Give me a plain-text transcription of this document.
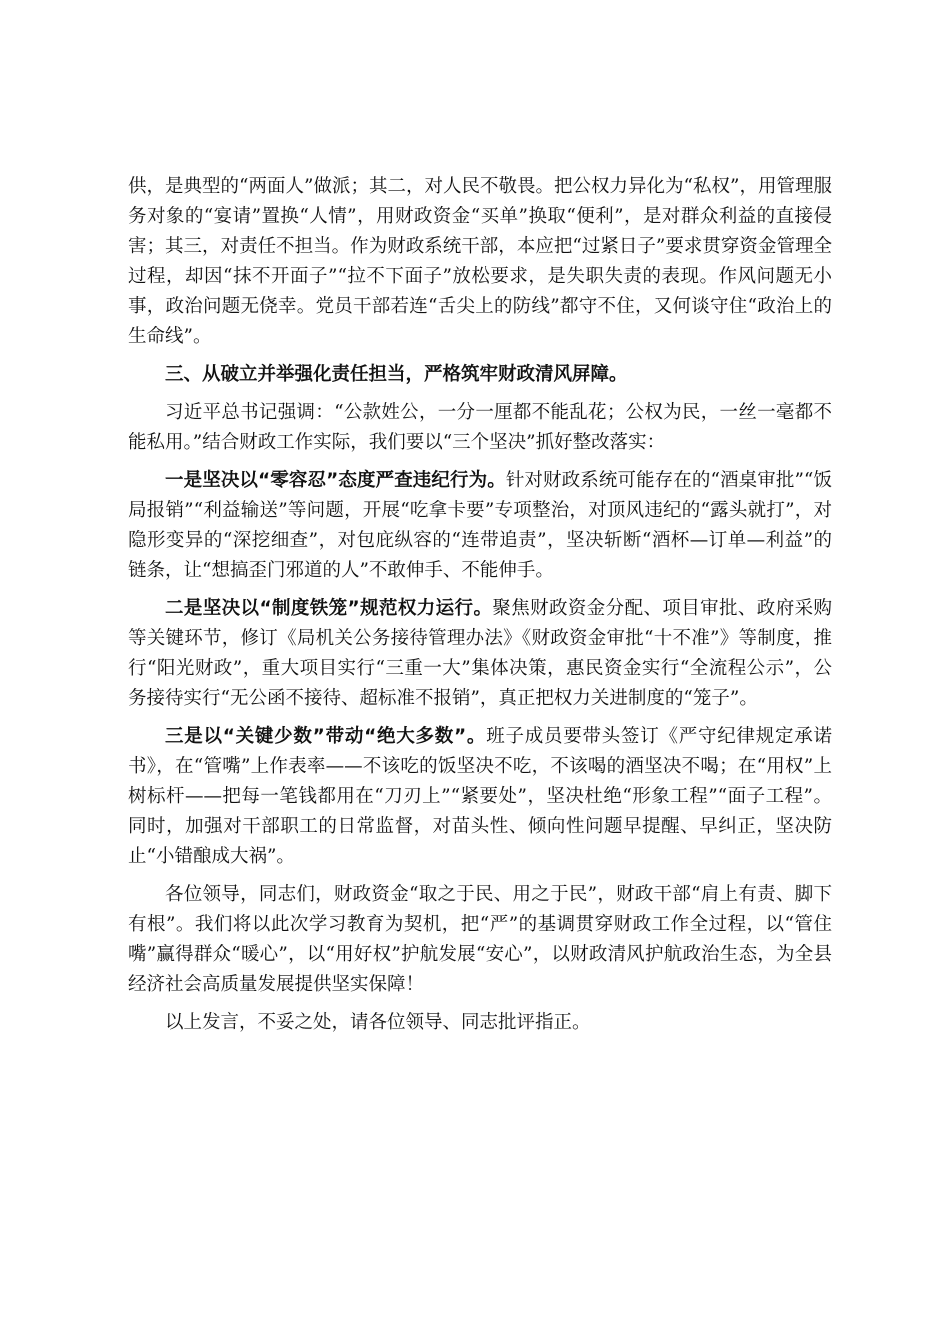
供，是典型的“两面人”做派；其二，对人民不敬畏。把公权力异化为“私权”，用管理服务对象的“宴请”置换“人情”，用财政资金“买单”换取“便利”，是对群众利益的直接侵害；其三，对责任不担当。作为财政系统干部，本应把“过紧日子”要求贯穿资金管理全过程，却因“抹不开面子”“拉不下面子”放松要求，是失职失责的表现。作风问题无小事，政治问题无侥幸。党员干部若连“舌尖上的防线”都守不住，又何谈守住“政治上的生命线”。

三、从破立并举强化责任担当，严格筑牢财政清风屏障。

习近平总书记强调：“公款姓公，一分一厘都不能乱花；公权为民，一丝一毫都不能私用。”结合财政工作实际，我们要以“三个坚决”抓好整改落实：

一是坚决以“零容忍”态度严查违纪行为。针对财政系统可能存在的“酒桌审批”“饭局报销”“利益输送”等问题，开展“吃拿卡要”专项整治，对顶风违纪的“露头就打”，对隐形变异的“深挖细查”，对包庇纵容的“连带追责”，坚决斩断“酒杯—订单—利益”的链条，让“想搞歪门邪道的人”不敢伸手、不能伸手。

二是坚决以“制度铁笼”规范权力运行。聚焦财政资金分配、项目审批、政府采购等关键环节，修订《局机关公务接待管理办法》《财政资金审批“十不准”》等制度，推行“阳光财政”，重大项目实行“三重一大”集体决策，惠民资金实行“全流程公示”，公务接待实行“无公函不接待、超标准不报销”，真正把权力关进制度的“笼子”。

三是以“关键少数”带动“绝大多数”。班子成员要带头签订《严守纪律规定承诺书》，在“管嘴”上作表率——不该吃的饭坚决不吃，不该喝的酒坚决不喝；在“用权”上树标杆——把每一笔钱都用在“刀刃上”“紧要处”，坚决杜绝“形象工程”“面子工程”。同时，加强对干部职工的日常监督，对苗头性、倾向性问题早提醒、早纠正，坚决防止“小错酿成大祸”。

各位领导，同志们，财政资金“取之于民、用之于民”，财政干部“肩上有责、脚下有根”。我们将以此次学习教育为契机，把“严”的基调贯穿财政工作全过程，以“管住嘴”赢得群众“暖心”，以“用好权”护航发展“安心”，以财政清风护航政治生态，为全县经济社会高质量发展提供坚实保障！

以上发言，不妥之处，请各位领导、同志批评指正。
